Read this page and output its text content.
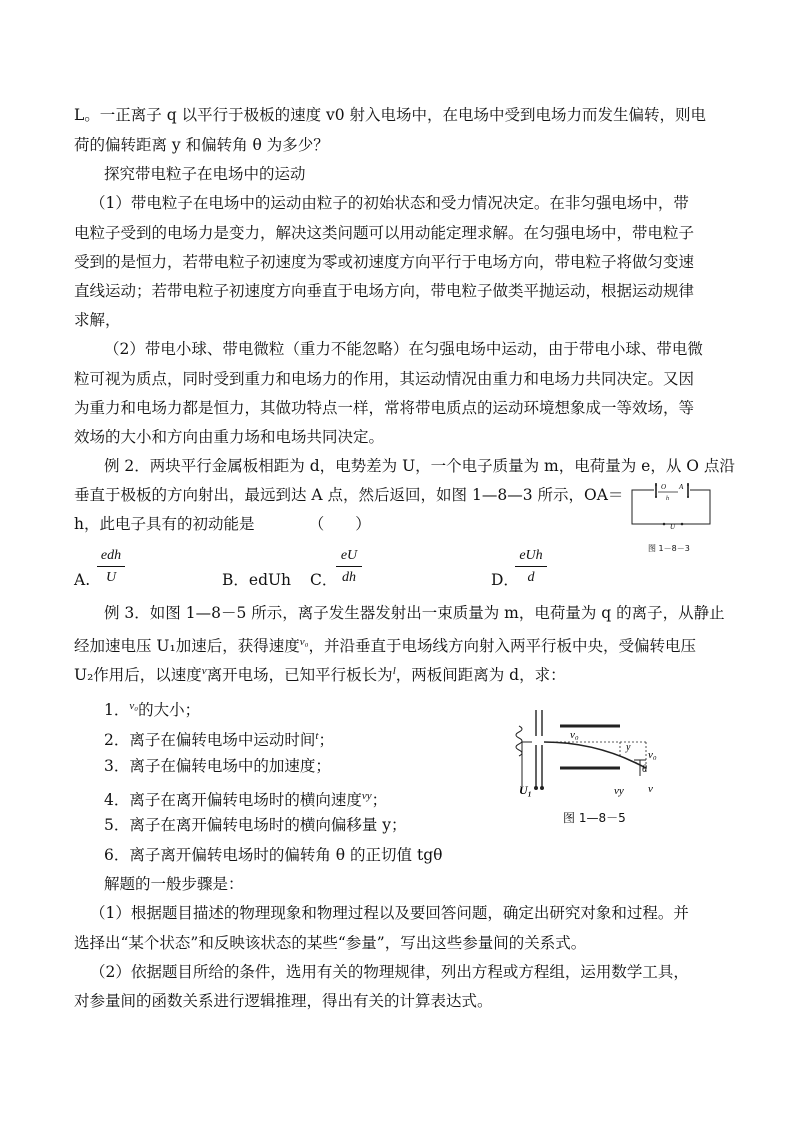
L。一正离子 q 以平行于极板的速度 v0 射入电场中，在电场中受到电场力而发生偏转，则电
荷的偏转距离 y 和偏转角 θ 为多少？
探究带电粒子在电场中的运动
（1）带电粒子在电场中的运动由粒子的初始状态和受力情况决定。在非匀强电场中，带
电粒子受到的电场力是变力，解决这类问题可以用动能定理求解。在匀强电场中，带电粒子
受到的是恒力，若带电粒子初速度为零或初速度方向平行于电场方向，带电粒子将做匀变速
直线运动；若带电粒子初速度方向垂直于电场方向，带电粒子做类平抛运动，根据运动规律
求解，
（2）带电小球、带电微粒（重力不能忽略）在匀强电场中运动，由于带电小球、带电微
粒可视为质点，同时受到重力和电场力的作用，其运动情况由重力和电场力共同决定。又因
为重力和电场力都是恒力，其做功特点一样，常将带电质点的运动环境想象成一等效场，等
效场的大小和方向由重力场和电场共同决定。
例 2．两块平行金属板相距为 d，电势差为 U，一个电子质量为 m，电荷量为 e，从 O 点沿
垂直于极板的方向射出，最远到达 A 点，然后返回，如图 1—8—3 所示，OA＝
h，此电子具有的初动能是　　　　（　　）
O A
h
U
图 1－8－3
A.
edh
U	B．edUh C．
$\frac{eU}{dh}$	D．
eUh
d
例 3．如图 1—8－5 所示，离子发生器发射出一束质量为 m，电荷量为 q 的离子，从静止
经加速电压 U₁加速后，获得速度$^{v_0}$，并沿垂直于电场线方向射入两平行板中央，受偏转电压
U₂作用后，以速度$^v$离开电场，已知平行板长为$^l$，两板间距离为 d，求：
1．$^{v_0}$的大小；
2．离子在偏转电场中运动时间$^t$；
3．离子在偏转电场中的加速度；
4．离子在离开偏转电场时的横向速度$^{vy}$；
5．离子在离开偏转电场时的横向偏移量 y；
6．离子离开偏转电场时的偏转角 θ 的正切值 tgθ
v₀
y
v₀
θ
vy v
U₁
图 1—8－5
解题的一般步骤是：
（1）根据题目描述的物理现象和物理过程以及要回答问题，确定出研究对象和过程。并
选择出“某个状态”和反映该状态的某些“参量”，写出这些参量间的关系式。
（2）依据题目所给的条件，选用有关的物理规律，列出方程或方程组，运用数学工具，
对参量间的函数关系进行逻辑推理，得出有关的计算表达式。
